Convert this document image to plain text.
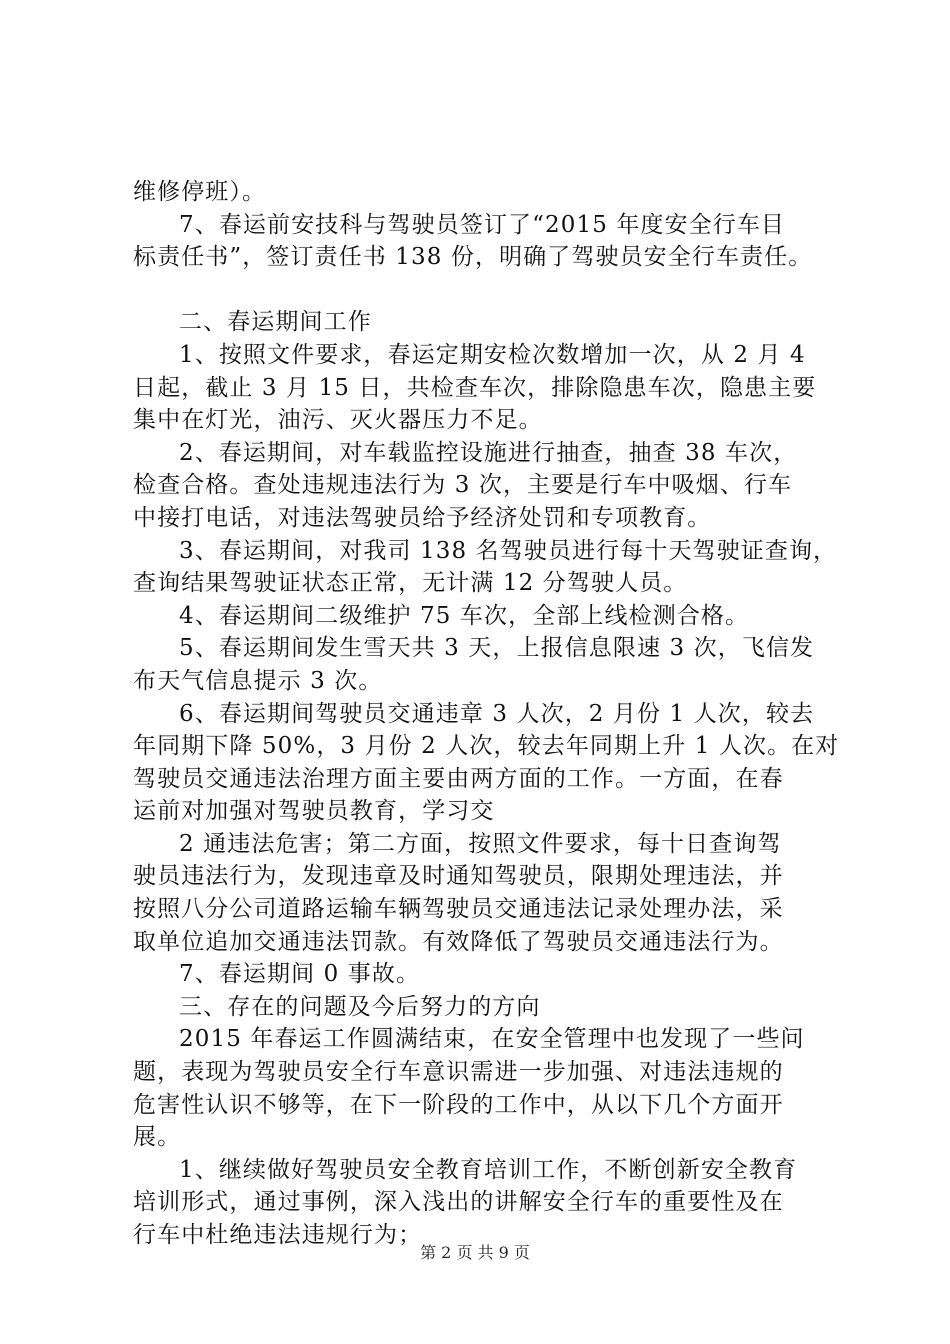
维修停班）。
7、春运前安技科与驾驶员签订了“2015 年度安全行车目
标责任书”，签订责任书 138 份，明确了驾驶员安全行车责任。
二、春运期间工作
1、按照文件要求，春运定期安检次数增加一次，从 2 月 4
日起，截止 3 月 15 日，共检查车次，排除隐患车次，隐患主要
集中在灯光，油污、灭火器压力不足。
2、春运期间，对车载监控设施进行抽查，抽查 38 车次，
检查合格。查处违规违法行为 3 次，主要是行车中吸烟、行车
中接打电话，对违法驾驶员给予经济处罚和专项教育。
3、春运期间，对我司 138 名驾驶员进行每十天驾驶证查询，
查询结果驾驶证状态正常，无计满 12 分驾驶人员。
4、春运期间二级维护 75 车次，全部上线检测合格。
5、春运期间发生雪天共 3 天，上报信息限速 3 次，飞信发
布天气信息提示 3 次。
6、春运期间驾驶员交通违章 3 人次，2 月份 1 人次，较去
年同期下降 50%，3 月份 2 人次，较去年同期上升 1 人次。在对
驾驶员交通违法治理方面主要由两方面的工作。一方面，在春
运前对加强对驾驶员教育，学习交
2 通违法危害；第二方面，按照文件要求，每十日查询驾
驶员违法行为，发现违章及时通知驾驶员，限期处理违法，并
按照八分公司道路运输车辆驾驶员交通违法记录处理办法，采
取单位追加交通违法罚款。有效降低了驾驶员交通违法行为。
7、春运期间 0 事故。
三、存在的问题及今后努力的方向
2015 年春运工作圆满结束，在安全管理中也发现了一些问
题，表现为驾驶员安全行车意识需进一步加强、对违法违规的
危害性认识不够等，在下一阶段的工作中，从以下几个方面开
展。
1、继续做好驾驶员安全教育培训工作，不断创新安全教育
培训形式，通过事例，深入浅出的讲解安全行车的重要性及在
行车中杜绝违法违规行为；
第 2 页 共 9 页
